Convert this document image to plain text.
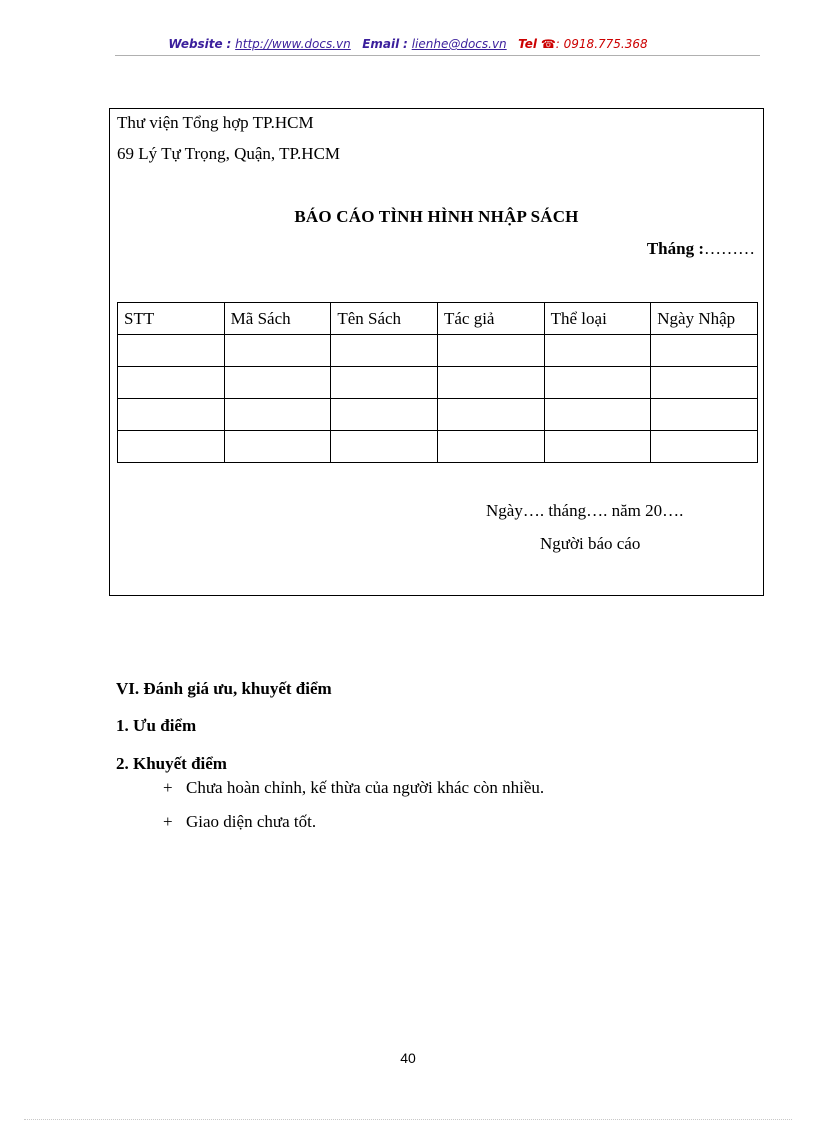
Website : http://www.docs.vn Email : lienhe@docs.vn Tel ☎: 0918.775.368
Thư viện Tổng hợp TP.HCM
69 Lý Tự Trọng, Quận, TP.HCM
BÁO CÁO TÌNH HÌNH NHẬP SÁCH
Tháng :………
STT	Mã Sách	Tên Sách	Tác giả	Thể loại	Ngày Nhập

Ngày…. tháng…. năm 20….
Người báo cáo
VI. Đánh giá ưu, khuyết điểm
1. Ưu điểm
2. Khuyết điểm
+ Chưa hoàn chỉnh, kế thừa của người khác còn nhiều.
+ Giao diện chưa tốt.
40
